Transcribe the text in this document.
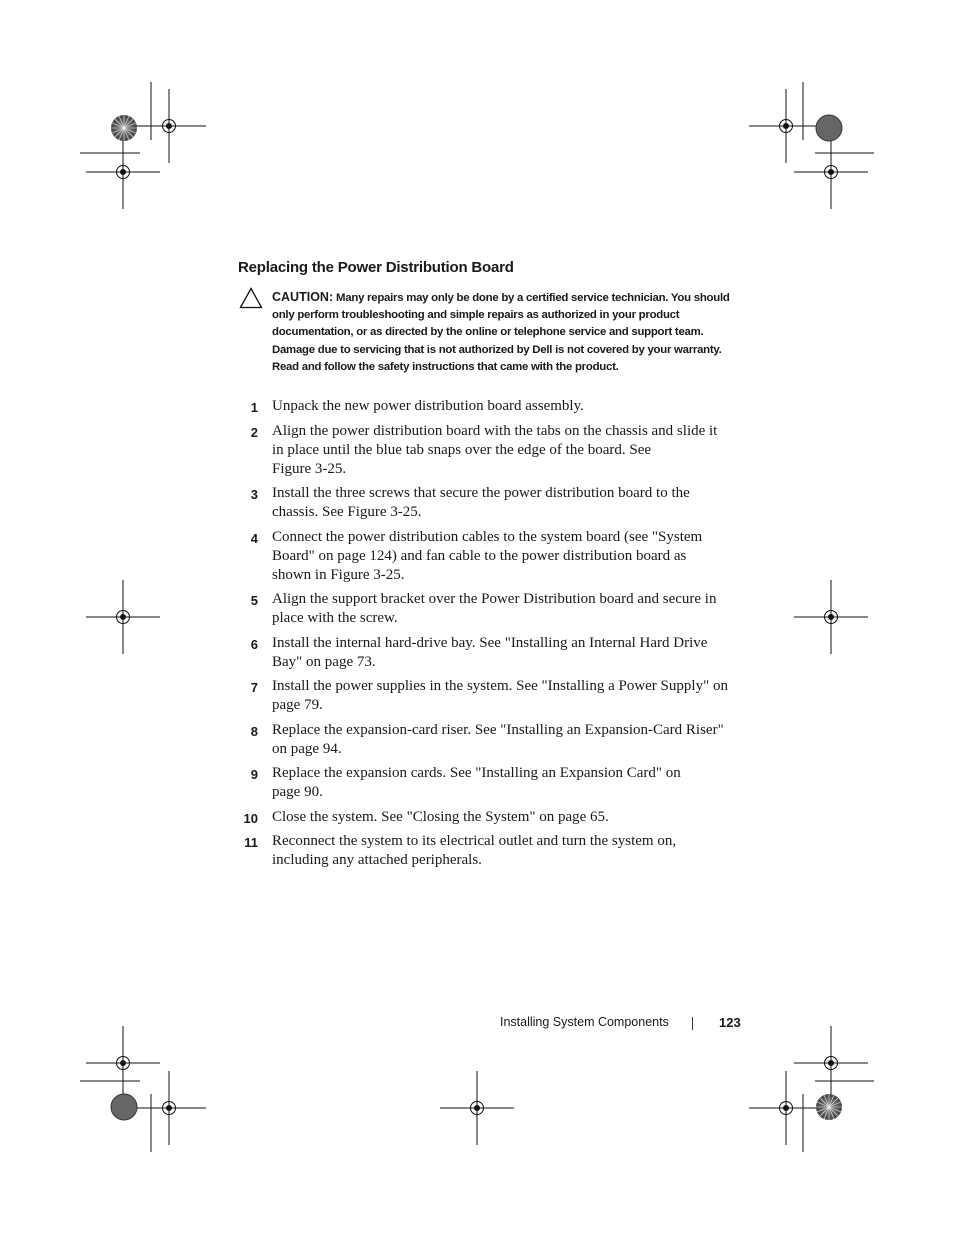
Replacing the Power Distribution Board

CAUTION: Many repairs may only be done by a certified service technician. You should only perform troubleshooting and simple repairs as authorized in your product documentation, or as directed by the online or telephone service and support team. Damage due to servicing that is not authorized by Dell is not covered by your warranty. Read and follow the safety instructions that came with the product.

1 Unpack the new power distribution board assembly.
2 Align the power distribution board with the tabs on the chassis and slide it
in place until the blue tab snaps over the edge of the board. See
Figure 3-25.
3 Install the three screws that secure the power distribution board to the
chassis. See Figure 3-25.
4 Connect the power distribution cables to the system board (see "System
Board" on page 124) and fan cable to the power distribution board as
shown in Figure 3-25.
5 Align the support bracket over the Power Distribution board and secure in
place with the screw.
6 Install the internal hard-drive bay. See "Installing an Internal Hard Drive
Bay" on page 73.
7 Install the power supplies in the system. See "Installing a Power Supply" on
page 79.
8 Replace the expansion-card riser. See "Installing an Expansion-Card Riser"
on page 94.
9 Replace the expansion cards. See "Installing an Expansion Card" on
page 90.
10 Close the system. See "Closing the System" on page 65.
11 Reconnect the system to its electrical outlet and turn the system on,
including any attached peripherals.
Installing System Components	123
